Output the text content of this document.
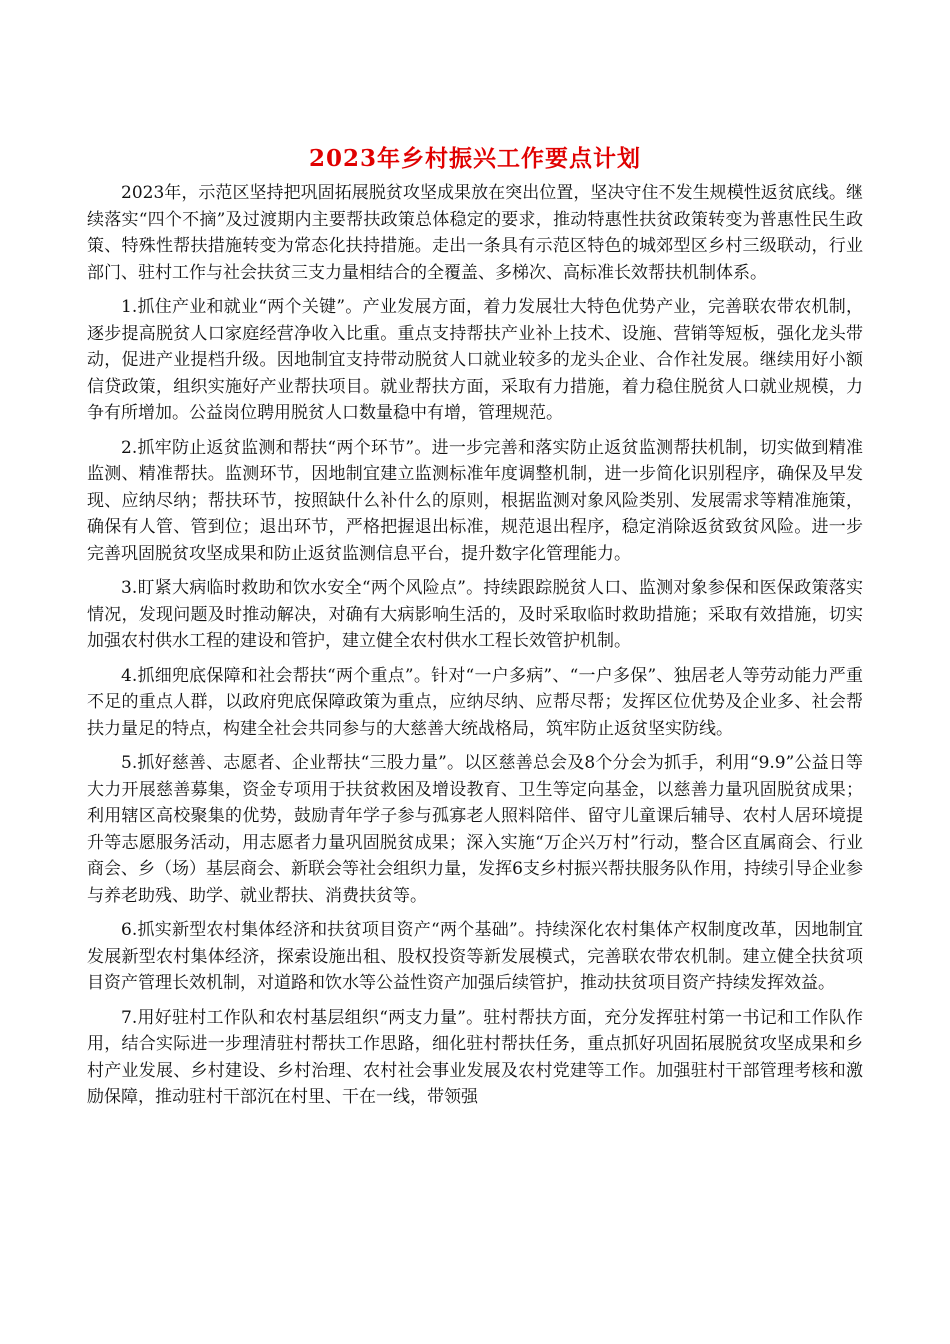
2023年乡村振兴工作要点计划

2023年，示范区坚持把巩固拓展脱贫攻坚成果放在突出位置，坚决守住不发生规模性返贫底线。继续落实“四个不摘”及过渡期内主要帮扶政策总体稳定的要求，推动特惠性扶贫政策转变为普惠性民生政策、特殊性帮扶措施转变为常态化扶持措施。走出一条具有示范区特色的城郊型区乡村三级联动，行业部门、驻村工作与社会扶贫三支力量相结合的全覆盖、多梯次、高标准长效帮扶机制体系。

1.抓住产业和就业“两个关键”。产业发展方面，着力发展壮大特色优势产业，完善联农带农机制，逐步提高脱贫人口家庭经营净收入比重。重点支持帮扶产业补上技术、设施、营销等短板，强化龙头带动，促进产业提档升级。因地制宜支持带动脱贫人口就业较多的龙头企业、合作社发展。继续用好小额信贷政策，组织实施好产业帮扶项目。就业帮扶方面，采取有力措施，着力稳住脱贫人口就业规模，力争有所增加。公益岗位聘用脱贫人口数量稳中有增，管理规范。

2.抓牢防止返贫监测和帮扶“两个环节”。进一步完善和落实防止返贫监测帮扶机制，切实做到精准监测、精准帮扶。监测环节，因地制宜建立监测标准年度调整机制，进一步简化识别程序，确保及早发现、应纳尽纳；帮扶环节，按照缺什么补什么的原则，根据监测对象风险类别、发展需求等精准施策，确保有人管、管到位；退出环节，严格把握退出标准，规范退出程序，稳定消除返贫致贫风险。进一步完善巩固脱贫攻坚成果和防止返贫监测信息平台，提升数字化管理能力。

3.盯紧大病临时救助和饮水安全“两个风险点”。持续跟踪脱贫人口、监测对象参保和医保政策落实情况，发现问题及时推动解决，对确有大病影响生活的，及时采取临时救助措施；采取有效措施，切实加强农村供水工程的建设和管护，建立健全农村供水工程长效管护机制。

4.抓细兜底保障和社会帮扶“两个重点”。针对“一户多病”、“一户多保”、独居老人等劳动能力严重不足的重点人群，以政府兜底保障政策为重点，应纳尽纳、应帮尽帮；发挥区位优势及企业多、社会帮扶力量足的特点，构建全社会共同参与的大慈善大统战格局，筑牢防止返贫坚实防线。

5.抓好慈善、志愿者、企业帮扶“三股力量”。以区慈善总会及8个分会为抓手，利用“9.9”公益日等大力开展慈善募集，资金专项用于扶贫救困及增设教育、卫生等定向基金，以慈善力量巩固脱贫成果；利用辖区高校聚集的优势，鼓励青年学子参与孤寡老人照料陪伴、留守儿童课后辅导、农村人居环境提升等志愿服务活动，用志愿者力量巩固脱贫成果；深入实施“万企兴万村”行动，整合区直属商会、行业商会、乡（场）基层商会、新联会等社会组织力量，发挥6支乡村振兴帮扶服务队作用，持续引导企业参与养老助残、助学、就业帮扶、消费扶贫等。

6.抓实新型农村集体经济和扶贫项目资产“两个基础”。持续深化农村集体产权制度改革，因地制宜发展新型农村集体经济，探索设施出租、股权投资等新发展模式，完善联农带农机制。建立健全扶贫项目资产管理长效机制，对道路和饮水等公益性资产加强后续管护，推动扶贫项目资产持续发挥效益。

7.用好驻村工作队和农村基层组织“两支力量”。驻村帮扶方面，充分发挥驻村第一书记和工作队作用，结合实际进一步理清驻村帮扶工作思路，细化驻村帮扶任务，重点抓好巩固拓展脱贫攻坚成果和乡村产业发展、乡村建设、乡村治理、农村社会事业发展及农村党建等工作。加强驻村干部管理考核和激励保障，推动驻村干部沉在村里、干在一线，带领强
